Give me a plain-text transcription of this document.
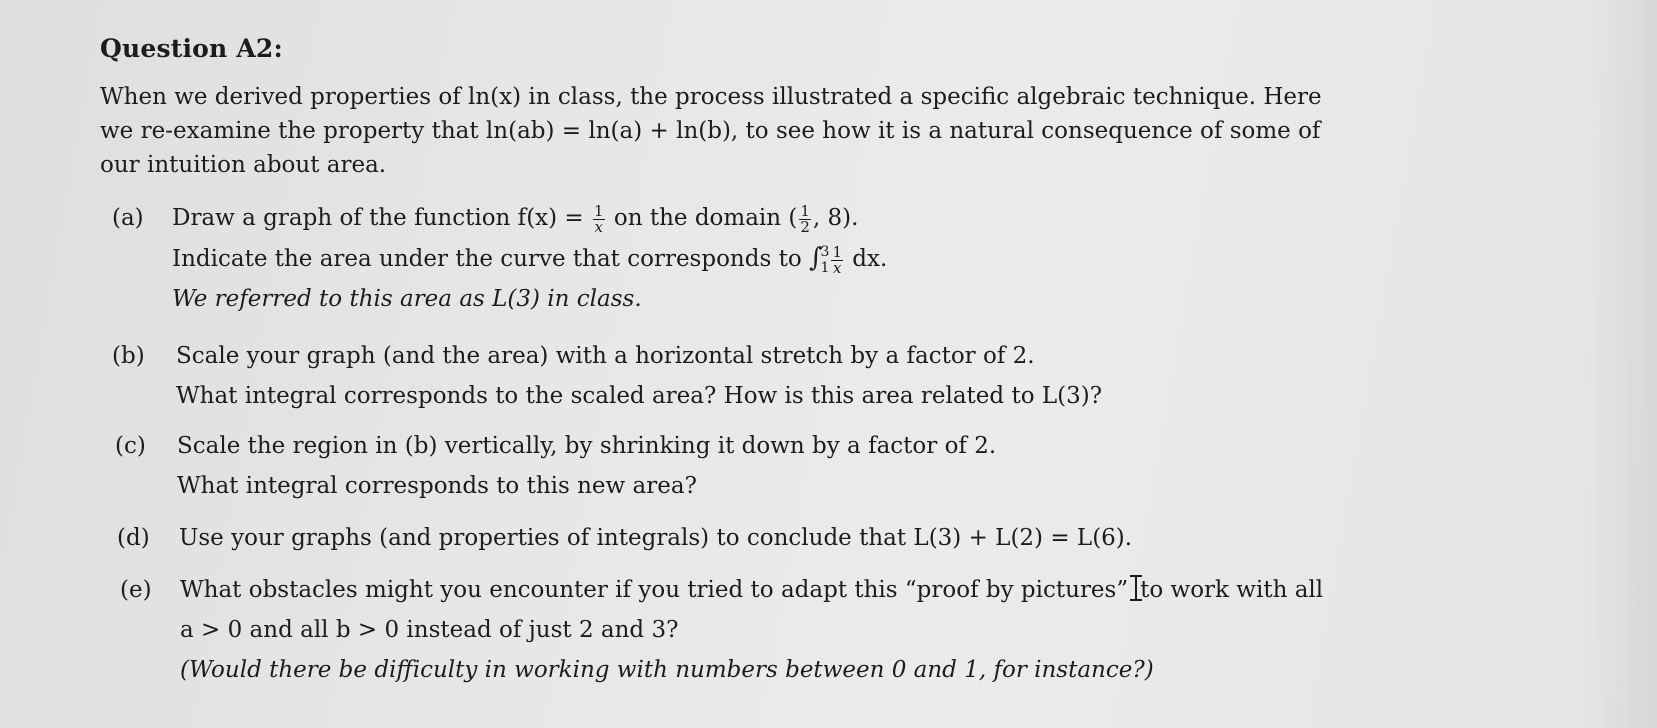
Question A2:
When we derived properties of ln(x) in class, the process illustrated a specific algebraic technique. Here
we re-examine the property that ln(ab) = ln(a) + ln(b), to see how it is a natural consequence of some of
our intuition about area.
(a) Draw a graph of the function $f(x) = \frac{1}{x}$ on the domain ( $\frac{1}{2}$ , 8).
Indicate the area under the curve that corresponds to ∫
3
$1 \frac{1}{x}$ dx.
We referred to this area as L(3) in class.
(b) Scale your graph (and the area) with a horizontal stretch by a factor of 2.
What integral corresponds to the scaled area? How is this area related to L(3)?
(c) Scale the region in (b) vertically, by shrinking it down by a factor of 2.
What integral corresponds to this new area?
(d) Use your graphs (and properties of integrals) to conclude that L(3) + L(2) = L(6).
(e) What obstacles might you encounter if you tried to adapt this “proof by pictures” to work with all
a > 0 and all b > 0 instead of just 2 and 3?
(Would there be difficulty in working with numbers between 0 and 1, for instance?)
